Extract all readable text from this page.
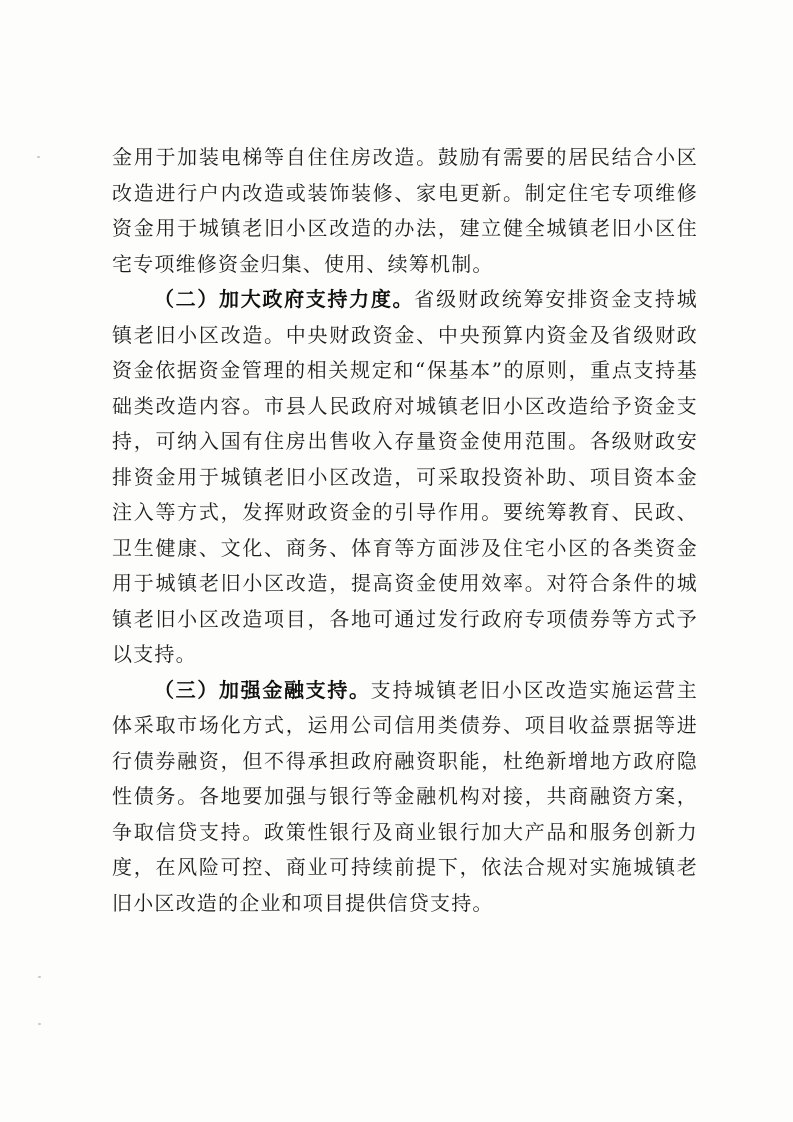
金用于加装电梯等自住住房改造。鼓励有需要的居民结合小区改造进行户内改造或装饰装修、家电更新。制定住宅专项维修资金用于城镇老旧小区改造的办法，建立健全城镇老旧小区住宅专项维修资金归集、使用、续筹机制。

（二）加大政府支持力度。省级财政统筹安排资金支持城镇老旧小区改造。中央财政资金、中央预算内资金及省级财政资金依据资金管理的相关规定和“保基本”的原则，重点支持基础类改造内容。市县人民政府对城镇老旧小区改造给予资金支持，可纳入国有住房出售收入存量资金使用范围。各级财政安排资金用于城镇老旧小区改造，可采取投资补助、项目资本金注入等方式，发挥财政资金的引导作用。要统筹教育、民政、卫生健康、文化、商务、体育等方面涉及住宅小区的各类资金用于城镇老旧小区改造，提高资金使用效率。对符合条件的城镇老旧小区改造项目，各地可通过发行政府专项债券等方式予以支持。

（三）加强金融支持。支持城镇老旧小区改造实施运营主体采取市场化方式，运用公司信用类债券、项目收益票据等进行债券融资，但不得承担政府融资职能，杜绝新增地方政府隐性债务。各地要加强与银行等金融机构对接，共商融资方案，争取信贷支持。政策性银行及商业银行加大产品和服务创新力度，在风险可控、商业可持续前提下，依法合规对实施城镇老旧小区改造的企业和项目提供信贷支持。
